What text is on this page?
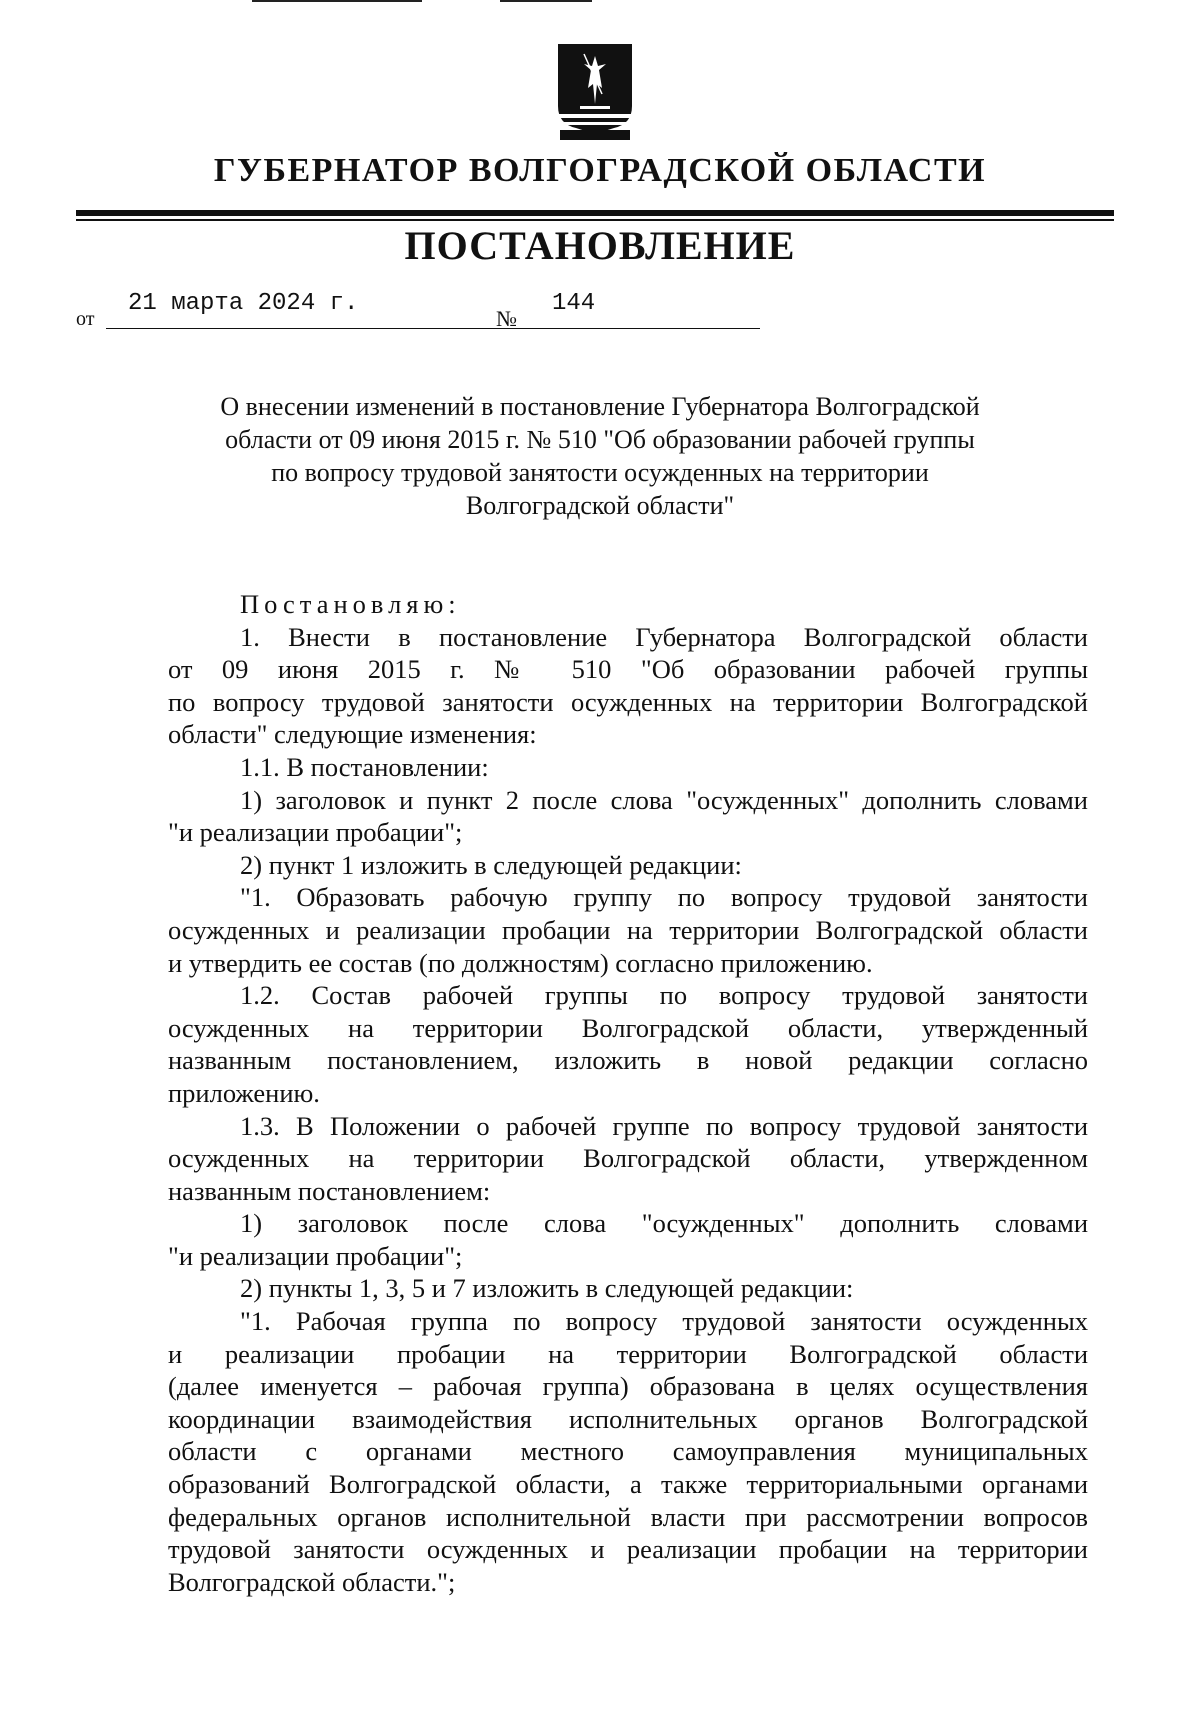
ГУБЕРНАТОР ВОЛГОГРАДСКОЙ ОБЛАСТИ
ПОСТАНОВЛЕНИЕ
от
21 марта 2024 г.
№
144
О внесении изменений в постановление Губернатора Волгоградской
области от 09 июня 2015 г. № 510 "Об образовании рабочей группы
по вопросу трудовой занятости осужденных на территории
Волгоградской области"
Постановляю:
1. Внести в постановление Губернатора Волгоградской области
от 09 июня 2015 г. № 510 "Об образовании рабочей группы
по вопросу трудовой занятости осужденных на территории Волгоградской
области" следующие изменения:
1.1. В постановлении:
1) заголовок и пункт 2 после слова "осужденных" дополнить словами
"и реализации пробации";
2) пункт 1 изложить в следующей редакции:
"1. Образовать рабочую группу по вопросу трудовой занятости
осужденных и реализации пробации на территории Волгоградской области
и утвердить ее состав (по должностям) согласно приложению.
1.2. Состав рабочей группы по вопросу трудовой занятости
осужденных на территории Волгоградской области, утвержденный
названным постановлением, изложить в новой редакции согласно
приложению.
1.3. В Положении о рабочей группе по вопросу трудовой занятости
осужденных на территории Волгоградской области, утвержденном
названным постановлением:
1) заголовок после слова "осужденных" дополнить словами
"и реализации пробации";
2) пункты 1, 3, 5 и 7 изложить в следующей редакции:
"1. Рабочая группа по вопросу трудовой занятости осужденных
и реализации пробации на территории Волгоградской области
(далее именуется – рабочая группа) образована в целях осуществления
координации взаимодействия исполнительных органов Волгоградской
области с органами местного самоуправления муниципальных
образований Волгоградской области, а также территориальными органами
федеральных органов исполнительной власти при рассмотрении вопросов
трудовой занятости осужденных и реализации пробации на территории
Волгоградской области.";
